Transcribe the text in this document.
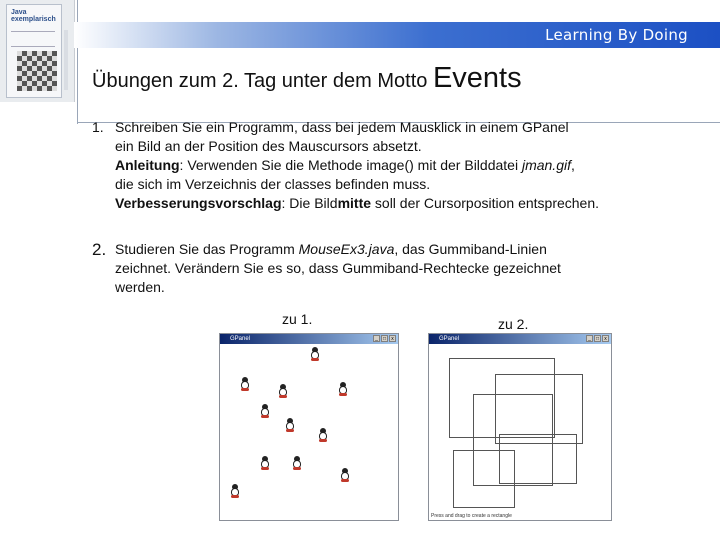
Java
exemplarisch
Learning By Doing
Übungen zum 2. Tag unter dem Motto Events
1. Schreiben Sie ein Programm, dass bei jedem Mausklick in einem GPanel
ein Bild an der Position des Mauscursors absetzt.
Anleitung: Verwenden Sie die Methode image() mit der Bilddatei jman.gif,
die sich im Verzeichnis der classes befinden muss.
Verbesserungsvorschlag: Die Bildmitte soll der Cursorposition entsprechen.
2. Studieren Sie das Programm MouseEx3.java, das Gummiband-Linien
zeichnet. Verändern Sie es so, dass Gummiband-Rechtecke gezeichnet
werden.
zu 1.	zu 2.
GPanel	_	□	x	GPanel	_	□	x
Press and drag to create a rectangle
